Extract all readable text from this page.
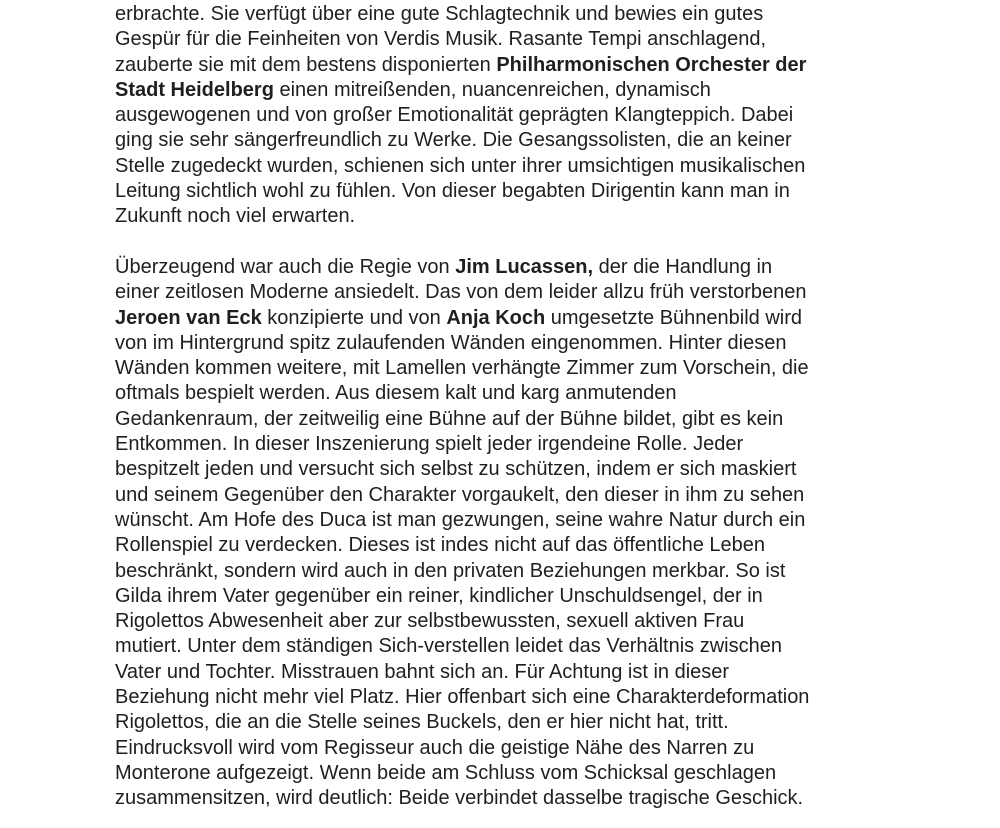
erbrachte. Sie verfügt über eine gute Schlagtechnik und bewies ein gutes
Gespür für die Feinheiten von Verdis Musik. Rasante Tempi anschlagend,
zauberte sie mit dem bestens disponierten Philharmonischen Orchester der
Stadt Heidelberg einen mitreißenden, nuancenreichen, dynamisch
ausgewogenen und von großer Emotionalität geprägten Klangteppich. Dabei
ging sie sehr sängerfreundlich zu Werke. Die Gesangssolisten, die an keiner
Stelle zugedeckt wurden, schienen sich unter ihrer umsichtigen musikalischen
Leitung sichtlich wohl zu fühlen. Von dieser begabten Dirigentin kann man in
Zukunft noch viel erwarten.
Überzeugend war auch die Regie von Jim Lucassen, der die Handlung in
einer zeitlosen Moderne ansiedelt. Das von dem leider allzu früh verstorbenen
Jeroen van Eck konzipierte und von Anja Koch umgesetzte Bühnenbild wird
von im Hintergrund spitz zulaufenden Wänden eingenommen. Hinter diesen
Wänden kommen weitere, mit Lamellen verhängte Zimmer zum Vorschein, die
oftmals bespielt werden. Aus diesem kalt und karg anmutenden
Gedankenraum, der zeitweilig eine Bühne auf der Bühne bildet, gibt es kein
Entkommen. In dieser Inszenierung spielt jeder irgendeine Rolle. Jeder
bespitzelt jeden und versucht sich selbst zu schützen, indem er sich maskiert
und seinem Gegenüber den Charakter vorgaukelt, den dieser in ihm zu sehen
wünscht. Am Hofe des Duca ist man gezwungen, seine wahre Natur durch ein
Rollenspiel zu verdecken. Dieses ist indes nicht auf das öffentliche Leben
beschränkt, sondern wird auch in den privaten Beziehungen merkbar. So ist
Gilda ihrem Vater gegenüber ein reiner, kindlicher Unschuldsengel, der in
Rigolettos Abwesenheit aber zur selbstbewussten, sexuell aktiven Frau
mutiert. Unter dem ständigen Sich-verstellen leidet das Verhältnis zwischen
Vater und Tochter. Misstrauen bahnt sich an. Für Achtung ist in dieser
Beziehung nicht mehr viel Platz. Hier offenbart sich eine Charakterdeformation
Rigolettos, die an die Stelle seines Buckels, den er hier nicht hat, tritt.
Eindrucksvoll wird vom Regisseur auch die geistige Nähe des Narren zu
Monterone aufgezeigt. Wenn beide am Schluss vom Schicksal geschlagen
zusammensitzen, wird deutlich: Beide verbindet dasselbe tragische Geschick.
